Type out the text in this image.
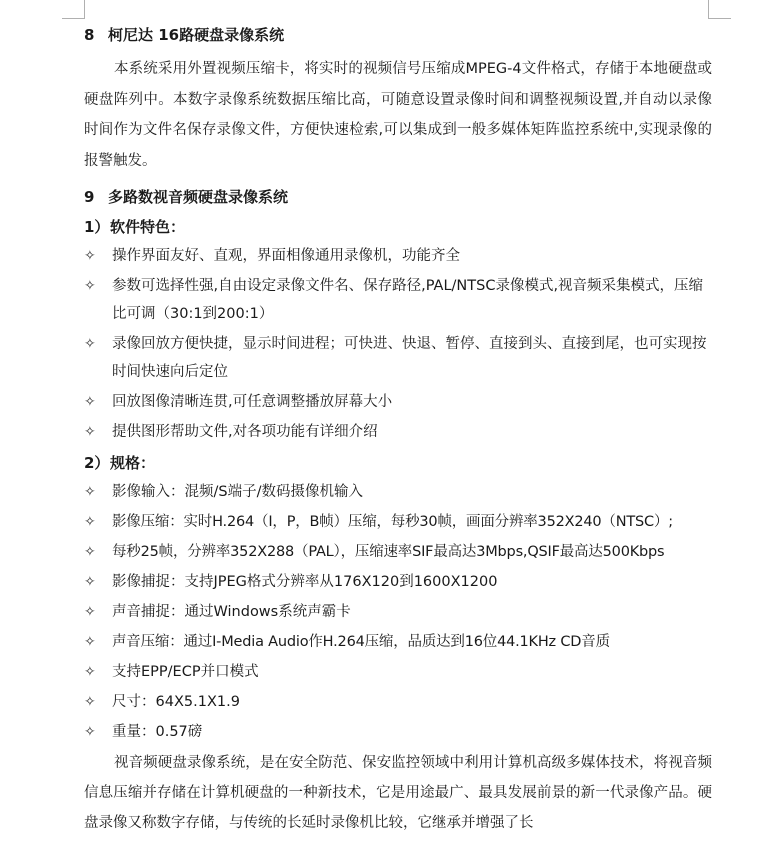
8 柯尼达 16路硬盘录像系统

本系统采用外置视频压缩卡，将实时的视频信号压缩成MPEG-4文件格式，存储于本地硬盘或硬盘阵列中。本数字录像系统数据压缩比高，可随意设置录像时间和调整视频设置,并自动以录像时间作为文件名保存录像文件，方便快速检索,可以集成到一般多媒体矩阵监控系统中,实现录像的报警触发。

9 多路数视音频硬盘录像系统
1）软件特色：
✧	操作界面友好、直观，界面相像通用录像机，功能齐全
✧	参数可选择性强,自由设定录像文件名、保存路径,PAL/NTSC录像模式,视音频采集模式，压缩比可调（30:1到200:1）
✧	录像回放方便快捷，显示时间进程；可快进、快退、暂停、直接到头、直接到尾，也可实现按时间快速向后定位
✧	回放图像清晰连贯,可任意调整播放屏幕大小
✧	提供图形帮助文件,对各项功能有详细介绍
2）规格：
✧	影像输入：混频/S端子/数码摄像机输入
✧	影像压缩：实时H.264（I，P，B帧）压缩，每秒30帧，画面分辨率352X240（NTSC）;
✧	每秒25帧，分辨率352X288（PAL），压缩速率SIF最高达3Mbps,QSIF最高达500Kbps
✧	影像捕捉：支持JPEG格式分辨率从176X120到1600X1200
✧	声音捕捉：通过Windows系统声霸卡
✧	声音压缩：通过I-Media Audio作H.264压缩，品质达到16位44.1KHz CD音质
✧	支持EPP/ECP并口模式
✧	尺寸：64X5.1X1.9
✧	重量：0.57磅

视音频硬盘录像系统，是在安全防范、保安监控领域中利用计算机高级多媒体技术，将视音频信息压缩并存储在计算机硬盘的一种新技术，它是用途最广、最具发展前景的新一代录像产品。硬盘录像又称数字存储，与传统的长延时录像机比较，它继承并增强了长
